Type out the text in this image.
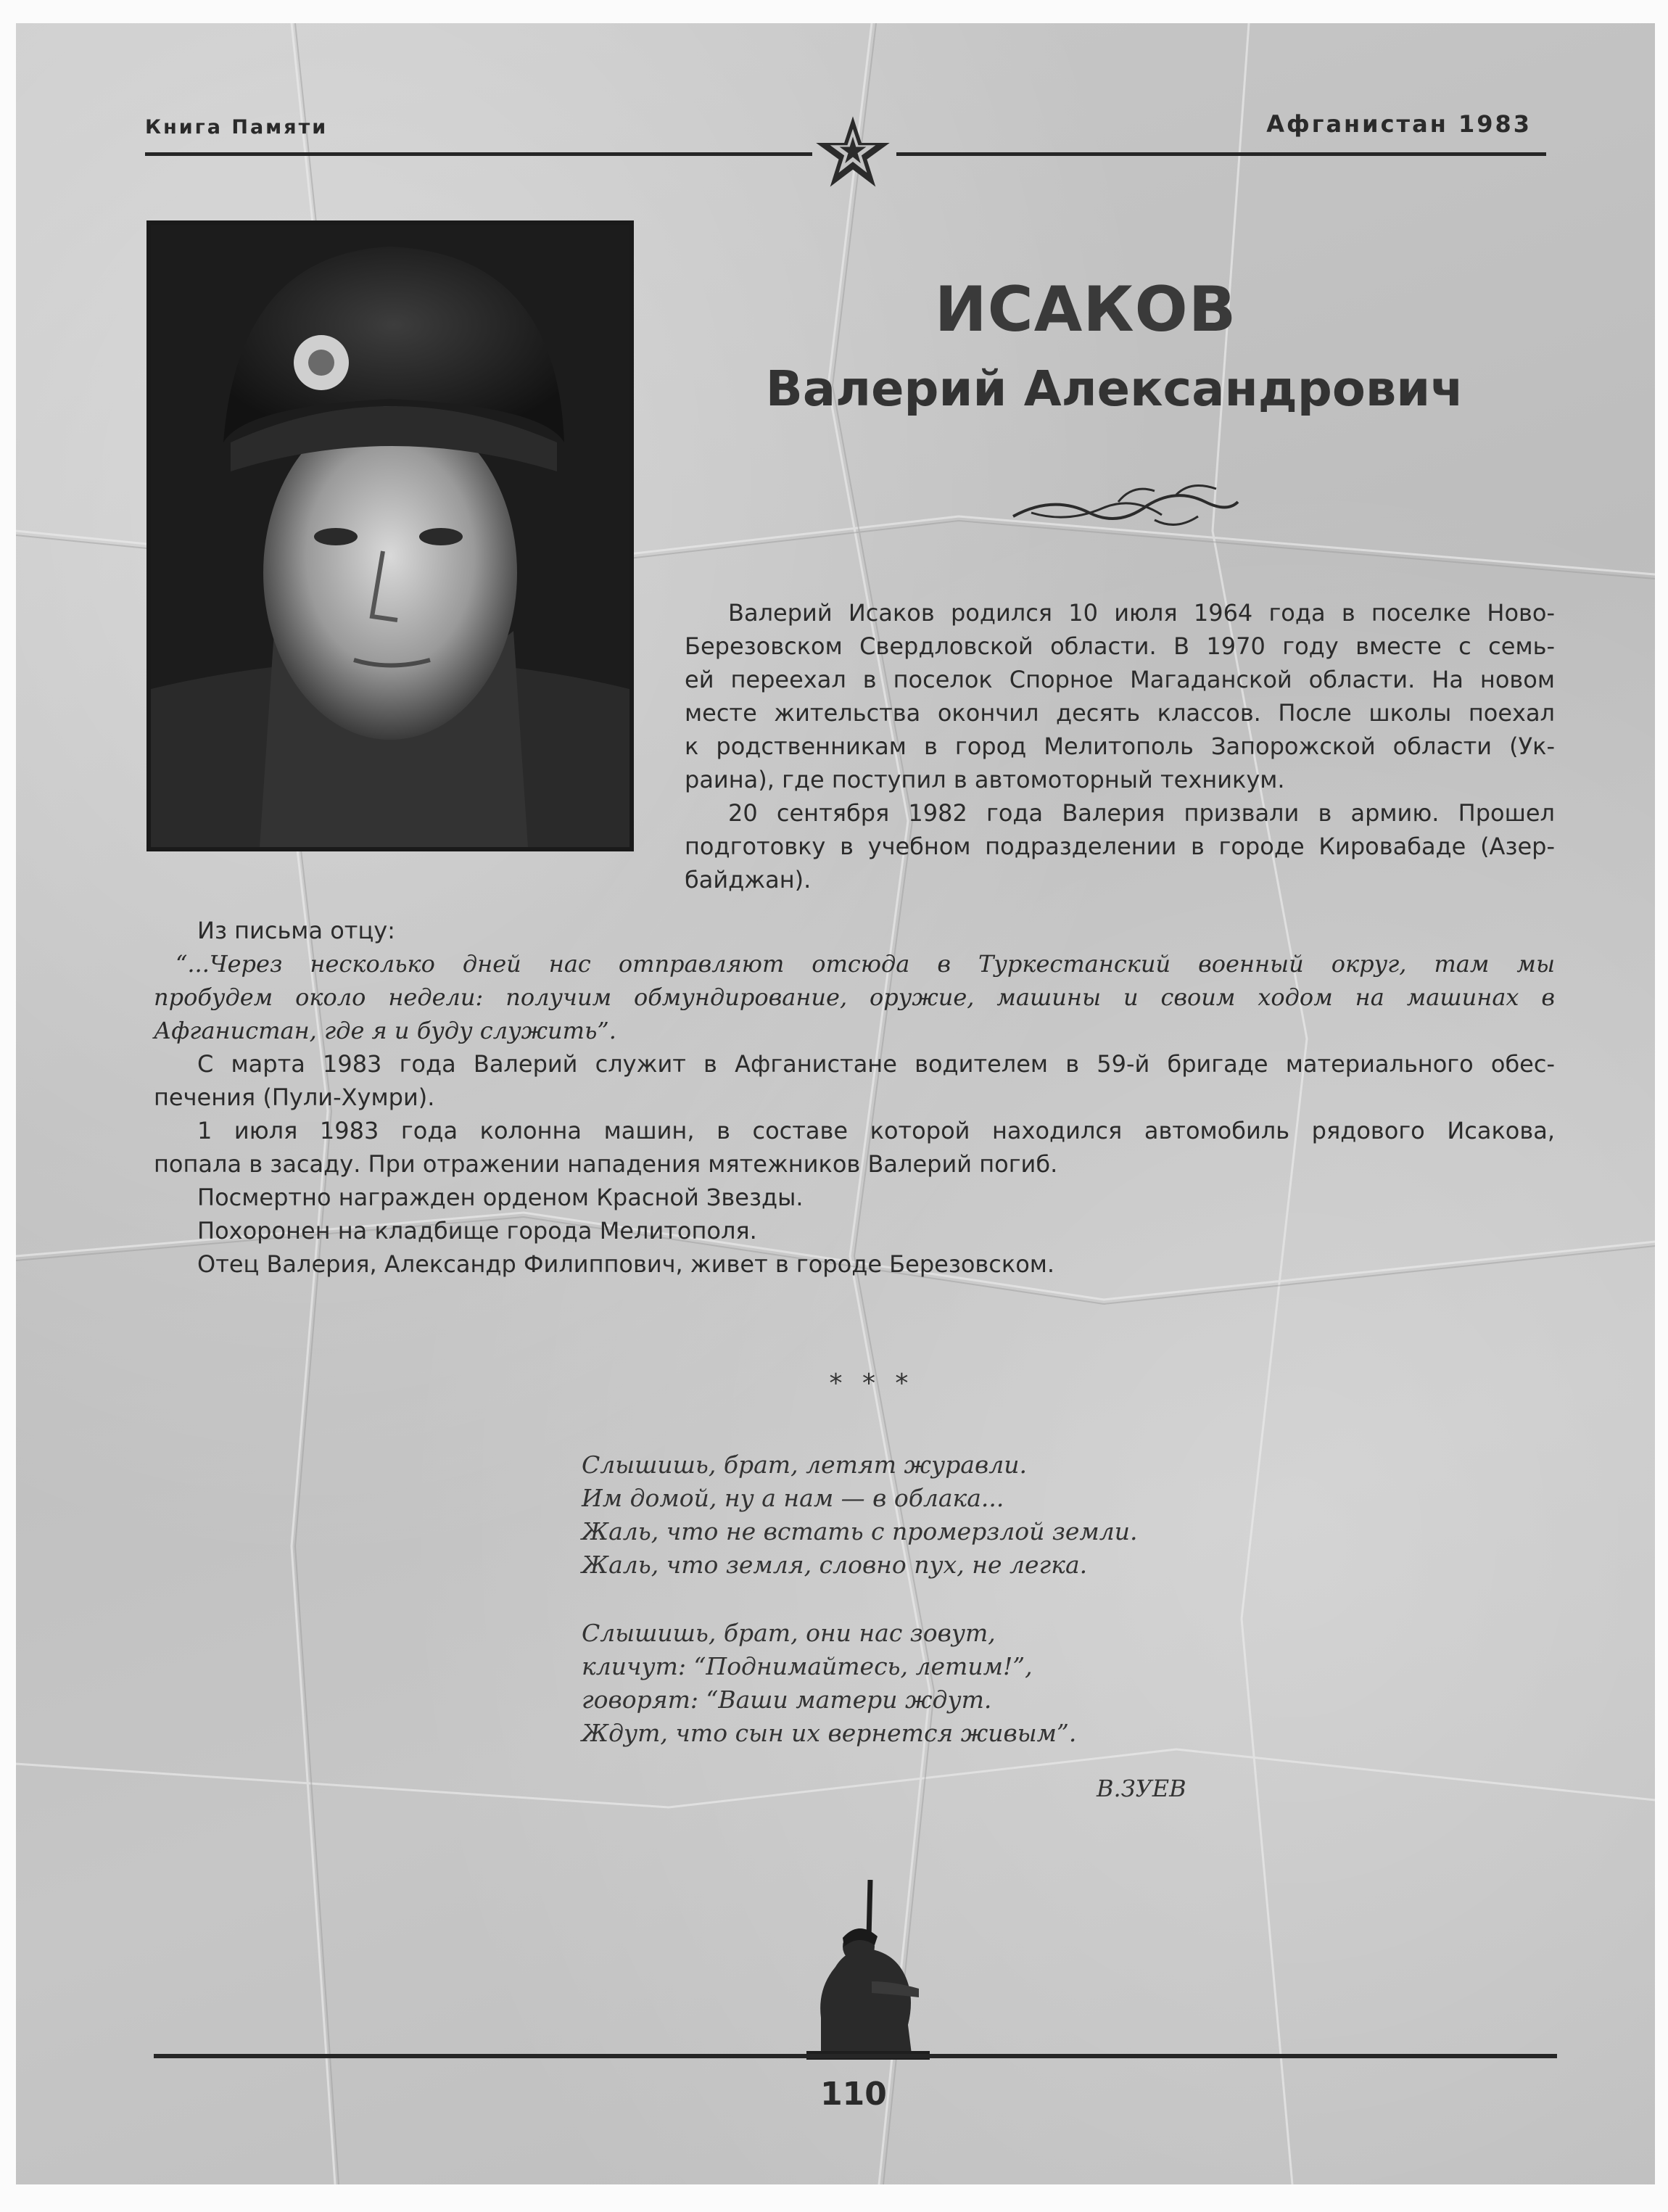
Книга Памяти	Афганистан 1983
ИСАКОВ
Валерий Александрович
Валерий Исаков родился 10 июля 1964 года в поселке Ново-
Березовском Свердловской области. В 1970 году вместе с семь-
ей переехал в поселок Спорное Магаданской области. На новом
месте жительства окончил десять классов. После школы поехал
к родственникам в город Мелитополь Запорожской области (Ук-
раина), где поступил в автомоторный техникум.
20 сентября 1982 года Валерия призвали в армию. Прошел
подготовку в учебном подразделении в городе Кировабаде (Азер-
байджан).
Из письма отцу:
“...Через несколько дней нас отправляют отсюда в Туркестанский военный округ, там мы
пробудем около недели: получим обмундирование, оружие, машины и своим ходом на машинах в
Афганистан, где я и буду служить”.
С марта 1983 года Валерий служит в Афганистане водителем в 59-й бригаде материального обес-
печения (Пули-Хумри).
1 июля 1983 года колонна машин, в составе которой находился автомобиль рядового Исакова,
попала в засаду. При отражении нападения мятежников Валерий погиб.
Посмертно награжден орденом Красной Звезды.
Похоронен на кладбище города Мелитополя.
Отец Валерия, Александр Филиппович, живет в городе Березовском.
* * *
Слышишь, брат, летят журавли.
Им домой, ну а нам — в облака...
Жаль, что не встать с промерзлой земли.
Жаль, что земля, словно пух, не легка.
Слышишь, брат, они нас зовут,
кличут: “Поднимайтесь, летим!”,
говорят: “Ваши матери ждут.
Ждут, что сын их вернется живым”.
В.ЗУЕВ
110
